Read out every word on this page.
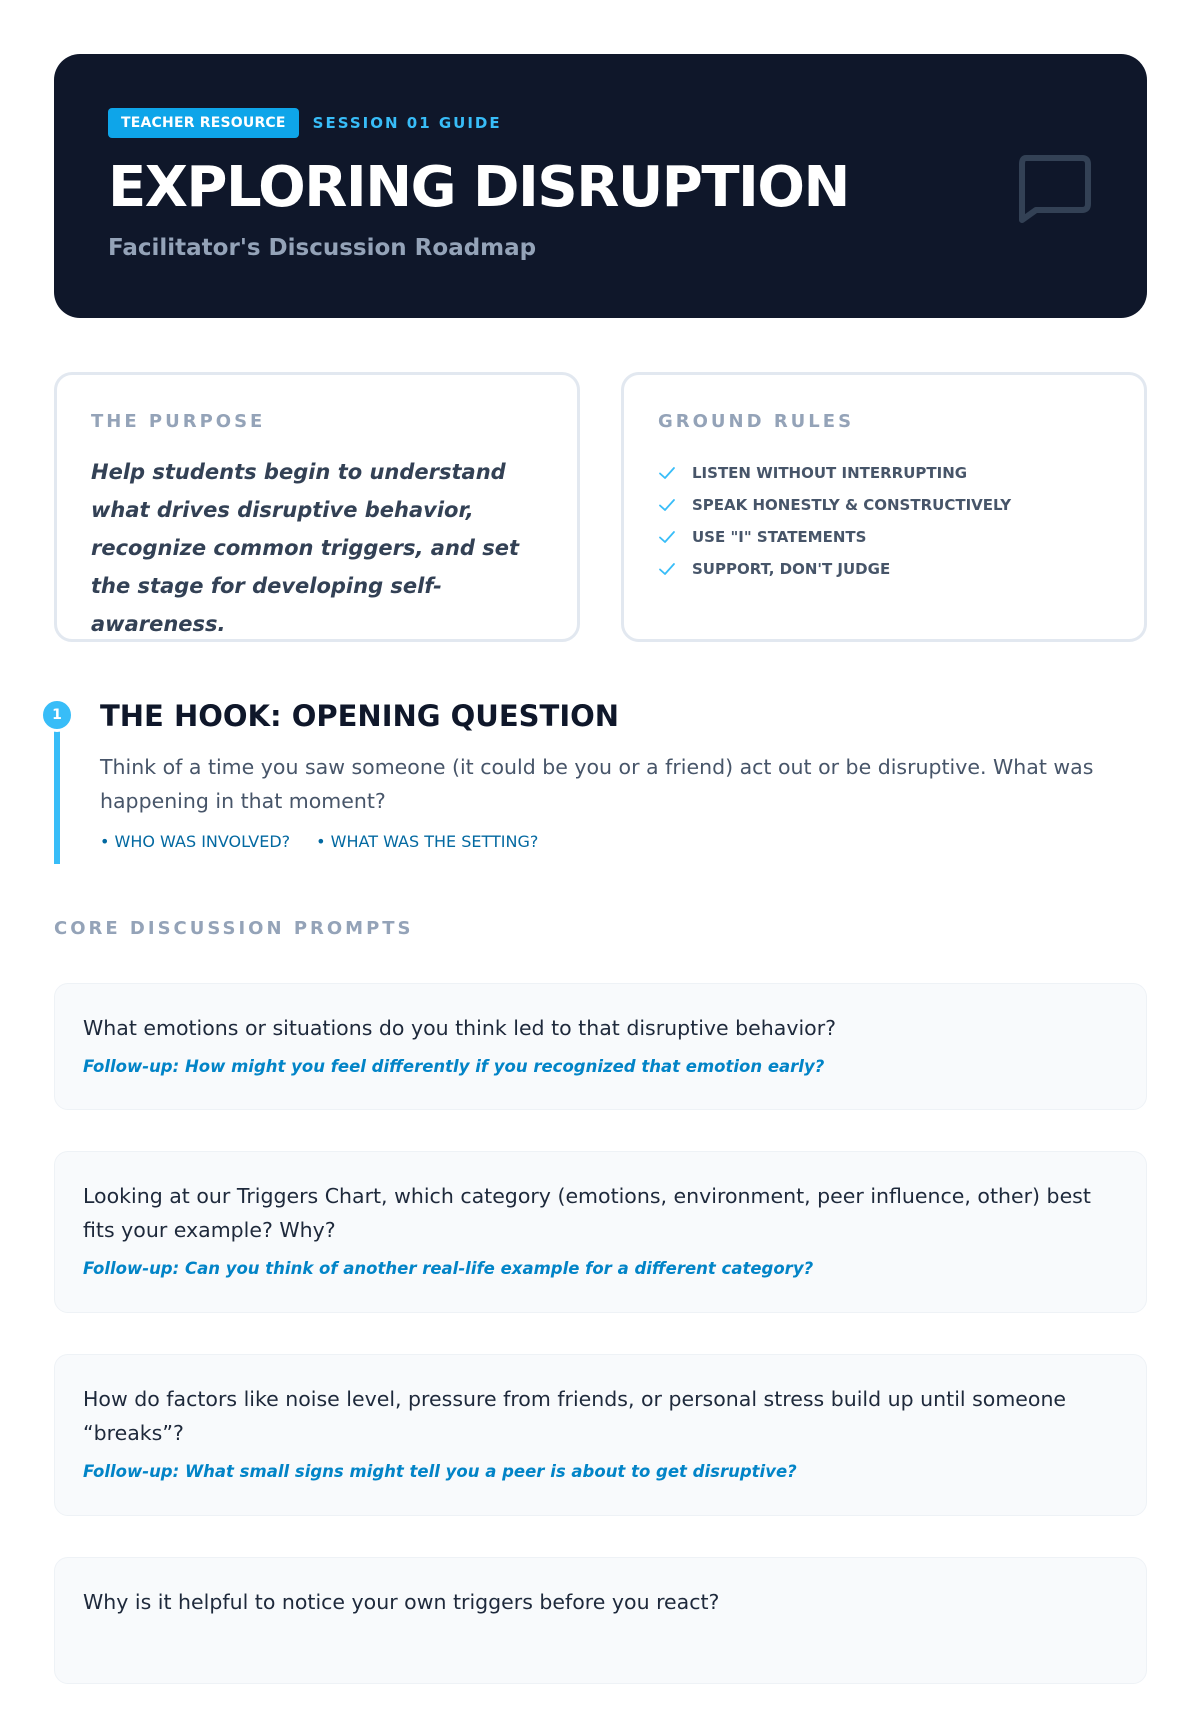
TEACHER RESOURCE	SESSION 01 GUIDE
EXPLORING DISRUPTION
Facilitator's Discussion Roadmap
THE PURPOSE
Help students begin to understand what drives disruptive behavior, recognize common triggers, and set the stage for developing self-awareness.
GROUND RULES
LISTEN WITHOUT INTERRUPTING
SPEAK HONESTLY & CONSTRUCTIVELY
USE "I" STATEMENTS
SUPPORT, DON'T JUDGE
1	THE HOOK: OPENING QUESTION
Think of a time you saw someone (it could be you or a friend) act out or be disruptive. What was happening in that moment?
• WHO WAS INVOLVED? • WHAT WAS THE SETTING?
CORE DISCUSSION PROMPTS
What emotions or situations do you think led to that disruptive behavior?
Follow-up: How might you feel differently if you recognized that emotion early?
Looking at our Triggers Chart, which category (emotions, environment, peer influence, other) best fits your example? Why?
Follow-up: Can you think of another real-life example for a different category?
How do factors like noise level, pressure from friends, or personal stress build up until someone “breaks”?
Follow-up: What small signs might tell you a peer is about to get disruptive?
Why is it helpful to notice your own triggers before you react?
